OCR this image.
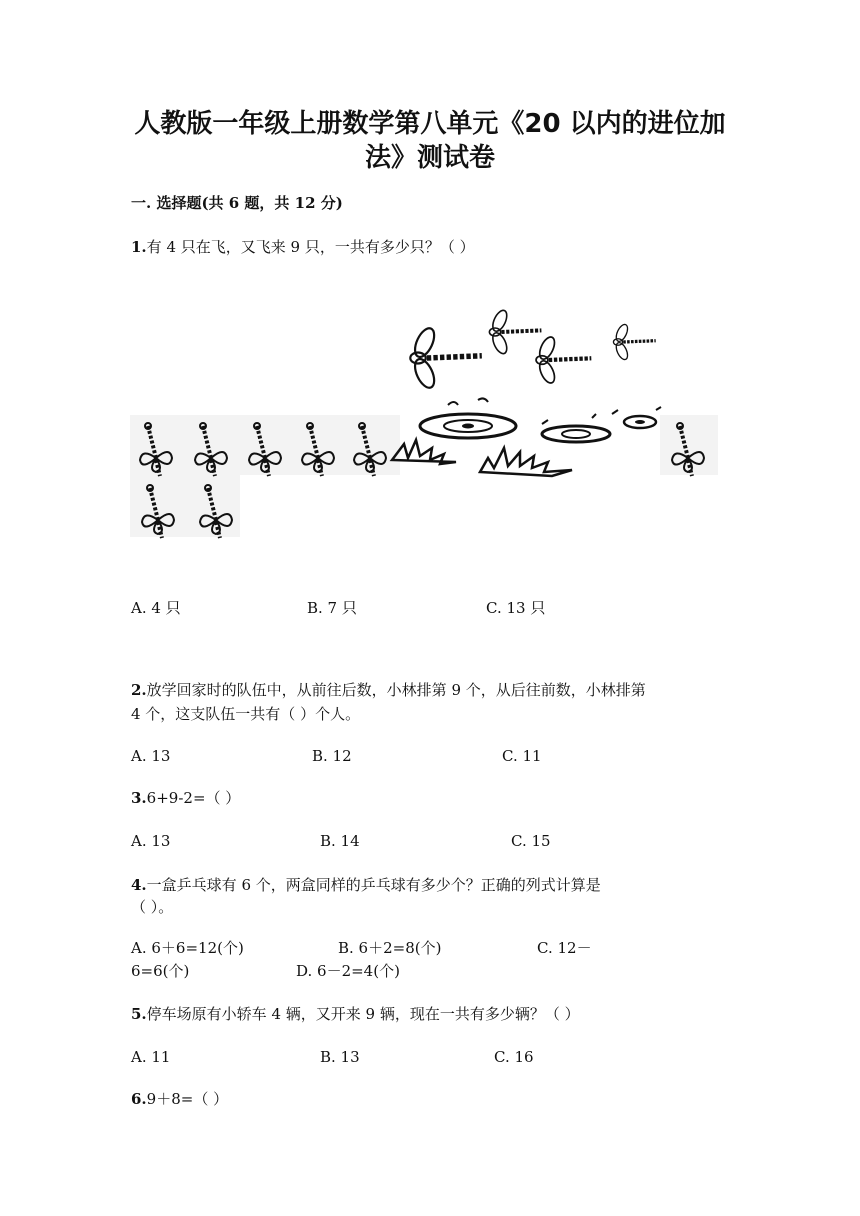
人教版一年级上册数学第八单元《20 以内的进位加
法》测试卷
一. 选择题(共 6 题，共 12 分)
1.有 4 只在飞，又飞来 9 只，一共有多少只？（ ）
A. 4 只	B. 7 只	C. 13 只
2.放学回家时的队伍中，从前往后数，小林排第 9 个，从后往前数，小林排第
4 个，这支队伍一共有（ ）个人。
A. 13	B. 12	C. 11
3.6+9-2=（ ）
A. 13	B. 14	C. 15
4.一盒乒乓球有 6 个，两盒同样的乒乓球有多少个？正确的列式计算是
（ ）。
A. 6＋6=12(个)	B. 6＋2=8(个)	C. 12－
6=6(个)	D. 6－2=4(个)
5.停车场原有小轿车 4 辆，又开来 9 辆，现在一共有多少辆？（ ）
A. 11	B. 13	C. 16
6.9＋8=（ ）
